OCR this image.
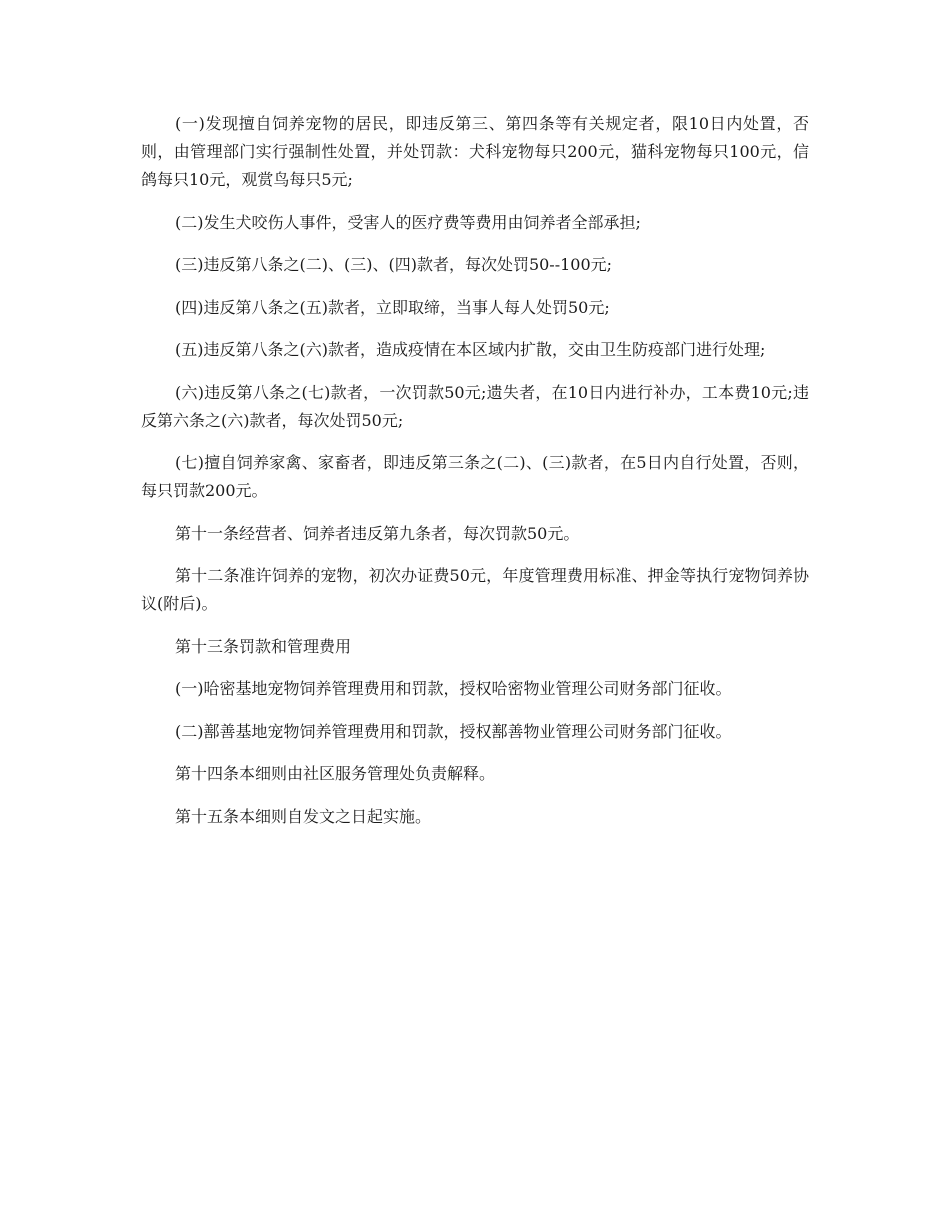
(一)发现擅自饲养宠物的居民，即违反第三、第四条等有关规定者，限10日内处置，否则，由管理部门实行强制性处置，并处罚款：犬科宠物每只200元，猫科宠物每只100元，信鸽每只10元，观赏鸟每只5元;

(二)发生犬咬伤人事件，受害人的医疗费等费用由饲养者全部承担;

(三)违反第八条之(二)、(三)、(四)款者，每次处罚50--100元;

(四)违反第八条之(五)款者，立即取缔，当事人每人处罚50元;

(五)违反第八条之(六)款者，造成疫情在本区域内扩散，交由卫生防疫部门进行处理;

(六)违反第八条之(七)款者，一次罚款50元;遗失者，在10日内进行补办，工本费10元;违反第六条之(六)款者，每次处罚50元;

(七)擅自饲养家禽、家畜者，即违反第三条之(二)、(三)款者，在5日内自行处置，否则，每只罚款200元。

第十一条经营者、饲养者违反第九条者，每次罚款50元。

第十二条准许饲养的宠物，初次办证费50元，年度管理费用标准、押金等执行宠物饲养协议(附后)。

第十三条罚款和管理费用

(一)哈密基地宠物饲养管理费用和罚款，授权哈密物业管理公司财务部门征收。

(二)鄯善基地宠物饲养管理费用和罚款，授权鄯善物业管理公司财务部门征收。

第十四条本细则由社区服务管理处负责解释。

第十五条本细则自发文之日起实施。
